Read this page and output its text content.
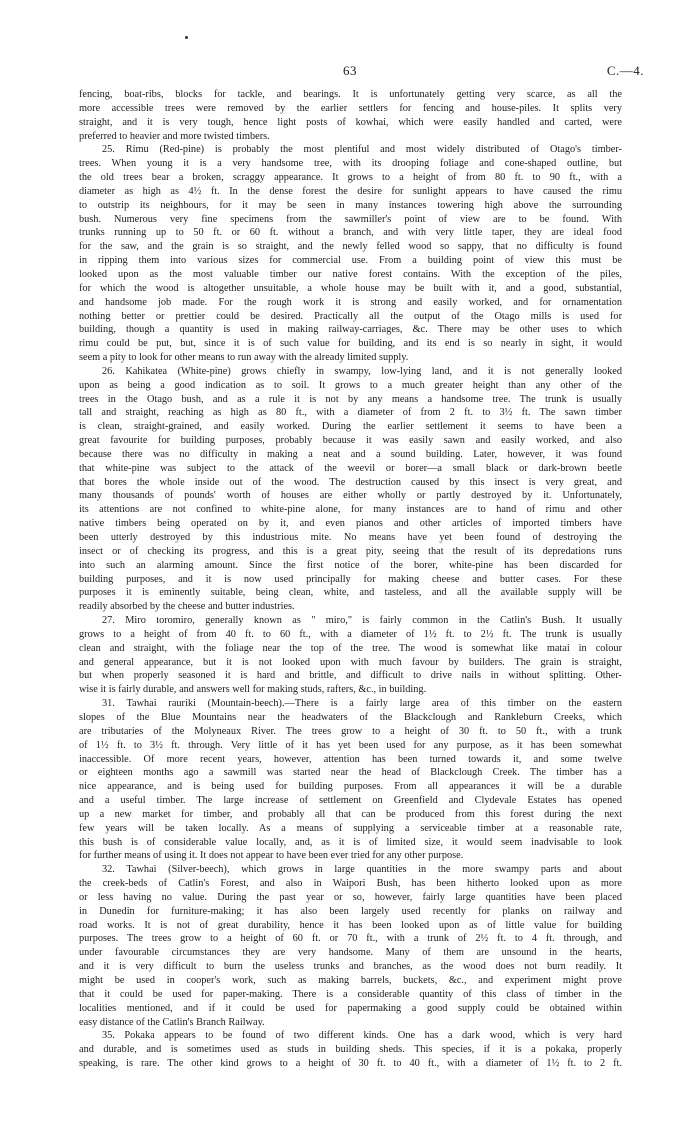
63	C.—4.
fencing, boat-ribs, blocks for tackle, and bearings. It is unfortunately getting very scarce, as all the
more accessible trees were removed by the earlier settlers for fencing and house-piles. It splits very
straight, and it is very tough, hence light posts of kowhai, which were easily handled and carted, were
preferred to heavier and more twisted timbers.
25. Rimu (Red-pine) is probably the most plentiful and most widely distributed of Otago's timber-
trees. When young it is a very handsome tree, with its drooping foliage and cone-shaped outline, but
the old trees bear a broken, scraggy appearance. It grows to a height of from 80 ft. to 90 ft., with a
diameter as high as 4½ ft. In the dense forest the desire for sunlight appears to have caused the rimu
to outstrip its neighbours, for it may be seen in many instances towering high above the surrounding
bush. Numerous very fine specimens from the sawmiller's point of view are to be found. With
trunks running up to 50 ft. or 60 ft. without a branch, and with very little taper, they are ideal food
for the saw, and the grain is so straight, and the newly felled wood so sappy, that no difficulty is found
in ripping them into various sizes for commercial use. From a building point of view this must be
looked upon as the most valuable timber our native forest contains. With the exception of the piles,
for which the wood is altogether unsuitable, a whole house may be built with it, and a good, substantial,
and handsome job made. For the rough work it is strong and easily worked, and for ornamentation
nothing better or prettier could be desired. Practically all the output of the Otago mills is used for
building, though a quantity is used in making railway-carriages, &c. There may be other uses to which
rimu could be put, but, since it is of such value for building, and its end is so nearly in sight, it would
seem a pity to look for other means to run away with the already limited supply.
26. Kahikatea (White-pine) grows chiefly in swampy, low-lying land, and it is not generally looked
upon as being a good indication as to soil. It grows to a much greater height than any other of the
trees in the Otago bush, and as a rule it is not by any means a handsome tree. The trunk is usually
tall and straight, reaching as high as 80 ft., with a diameter of from 2 ft. to 3½ ft. The sawn timber
is clean, straight-grained, and easily worked. During the earlier settlement it seems to have been a
great favourite for building purposes, probably because it was easily sawn and easily worked, and also
because there was no difficulty in making a neat and a sound building. Later, however, it was found
that white-pine was subject to the attack of the weevil or borer—a small black or dark-brown beetle
that bores the whole inside out of the wood. The destruction caused by this insect is very great, and
many thousands of pounds' worth of houses are either wholly or partly destroyed by it. Unfortunately,
its attentions are not confined to white-pine alone, for many instances are to hand of rimu and other
native timbers being operated on by it, and even pianos and other articles of imported timbers have
been utterly destroyed by this industrious mite. No means have yet been found of destroying the
insect or of checking its progress, and this is a great pity, seeing that the result of its depredations runs
into such an alarming amount. Since the first notice of the borer, white-pine has been discarded for
building purposes, and it is now used principally for making cheese and butter cases. For these
purposes it is eminently suitable, being clean, white, and tasteless, and all the available supply will be
readily absorbed by the cheese and butter industries.
27. Miro toromiro, generally known as " miro," is fairly common in the Catlin's Bush. It usually
grows to a height of from 40 ft. to 60 ft., with a diameter of 1½ ft. to 2½ ft. The trunk is usually
clean and straight, with the foliage near the top of the tree. The wood is somewhat like matai in colour
and general appearance, but it is not looked upon with much favour by builders. The grain is straight,
but when properly seasoned it is hard and brittle, and difficult to drive nails in without splitting. Other-
wise it is fairly durable, and answers well for making studs, rafters, &c., in building.
31. Tawhai rauriki (Mountain-beech).—There is a fairly large area of this timber on the eastern
slopes of the Blue Mountains near the headwaters of the Blackclough and Rankleburn Creeks, which
are tributaries of the Molyneaux River. The trees grow to a height of 30 ft. to 50 ft., with a trunk
of 1½ ft. to 3½ ft. through. Very little of it has yet been used for any purpose, as it has been somewhat
inaccessible. Of more recent years, however, attention has been turned towards it, and some twelve
or eighteen months ago a sawmill was started near the head of Blackclough Creek. The timber has a
nice appearance, and is being used for building purposes. From all appearances it will be a durable
and a useful timber. The large increase of settlement on Greenfield and Clydevale Estates has opened
up a new market for timber, and probably all that can be produced from this forest during the next
few years will be taken locally. As a means of supplying a serviceable timber at a reasonable rate,
this bush is of considerable value locally, and, as it is of limited size, it would seem inadvisable to look
for further means of using it. It does not appear to have been ever tried for any other purpose.
32. Tawhai (Silver-beech), which grows in large quantities in the more swampy parts and about
the creek-beds of Catlin's Forest, and also in Waipori Bush, has been hitherto looked upon as more
or less having no value. During the past year or so, however, fairly large quantities have been placed
in Dunedin for furniture-making; it has also been largely used recently for planks on railway and
road works. It is not of great durability, hence it has been looked upon as of little value for building
purposes. The trees grow to a height of 60 ft. or 70 ft., with a trunk of 2½ ft. to 4 ft. through, and
under favourable circumstances they are very handsome. Many of them are unsound in the hearts,
and it is very difficult to burn the useless trunks and branches, as the wood does not burn readily. It
might be used in cooper's work, such as making barrels, buckets, &c., and experiment might prove
that it could be used for paper-making. There is a considerable quantity of this class of timber in the
localities mentioned, and if it could be used for papermaking a good supply could be obtained within
easy distance of the Catlin's Branch Railway.
35. Pokaka appears to be found of two different kinds. One has a dark wood, which is very hard
and durable, and is sometimes used as studs in building sheds. This species, if it is a pokaka, properly
speaking, is rare. The other kind grows to a height of 30 ft. to 40 ft., with a diameter of 1½ ft. to 2 ft.
